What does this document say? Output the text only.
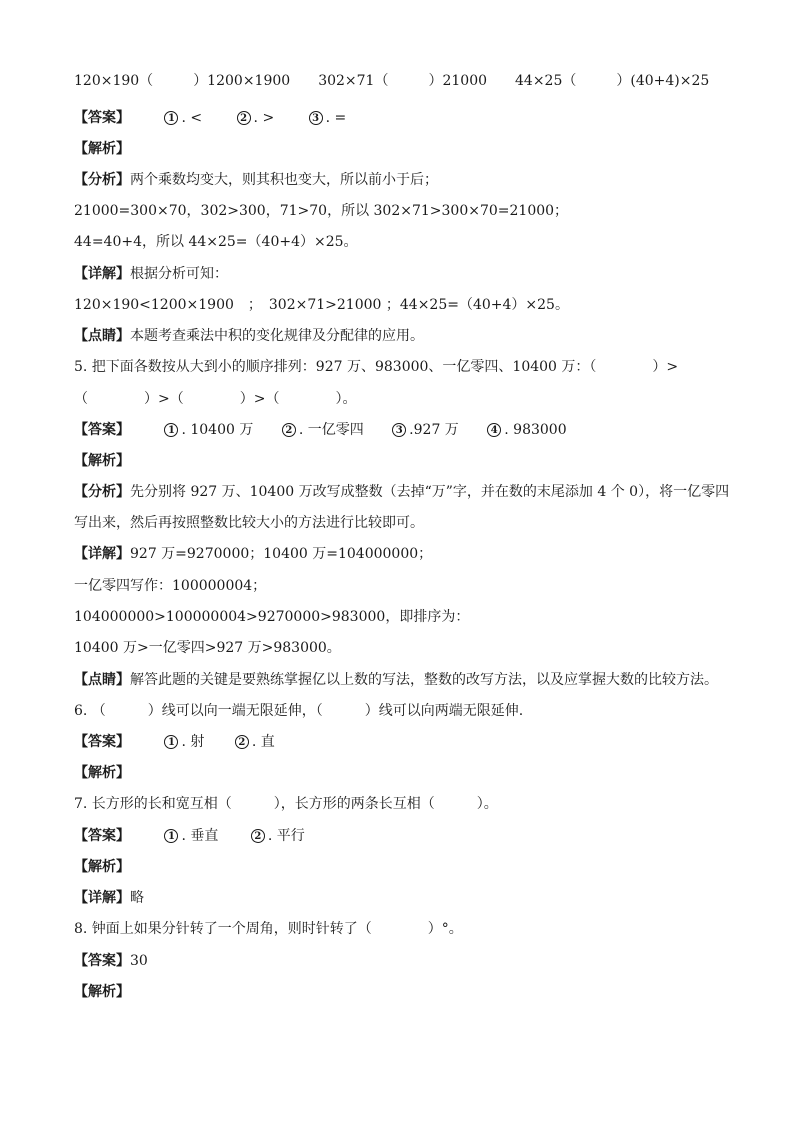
120×190（	）1200×1900 302×71（	）21000 44×25（	）(40+4)×25
【答案】	1 . <	2 . >	3 . =
【解析】
【分析】两个乘数均变大，则其积也变大，所以前小于后；
21000=300×70，302>300，71>70，所以 302×71>300×70=21000；
44=40+4，所以 44×25=（40+4）×25。
【详解】根据分析可知：
120×190<1200×1900　；　302×71>21000 ；44×25=（40+4）×25。
【点睛】本题考查乘法中积的变化规律及分配律的应用。
5. 把下面各数按从大到小的顺序排列：927 万、983000、一亿零四、10400 万：（　　　　）>
（　　　　）>（　　　　）>（　　　　）。
【答案】	1 . 10400 万	2 . 一亿零四	3 .927 万	4 . 983000
【解析】
【分析】先分别将 927 万、10400 万改写成整数（去掉“万”字，并在数的末尾添加 4 个 0），将一亿零四
写出来，然后再按照整数比较大小的方法进行比较即可。
【详解】927 万=9270000；10400 万=104000000；
一亿零四写作：100000004；
104000000>100000004>9270000>983000，即排序为：
10400 万>一亿零四>927 万>983000。
【点睛】解答此题的关键是要熟练掌握亿以上数的写法，整数的改写方法，以及应掌握大数的比较方法。
6. （　　　）线可以向一端无限延伸，（　　　）线可以向两端无限延伸.
【答案】	1 . 射	2 . 直
【解析】
7. 长方形的长和宽互相（　　　），长方形的两条长互相（　　　）。
【答案】	1 . 垂直	2 . 平行
【解析】
【详解】略
8. 钟面上如果分针转了一个周角，则时针转了（　　　　）°。
【答案】30
【解析】
